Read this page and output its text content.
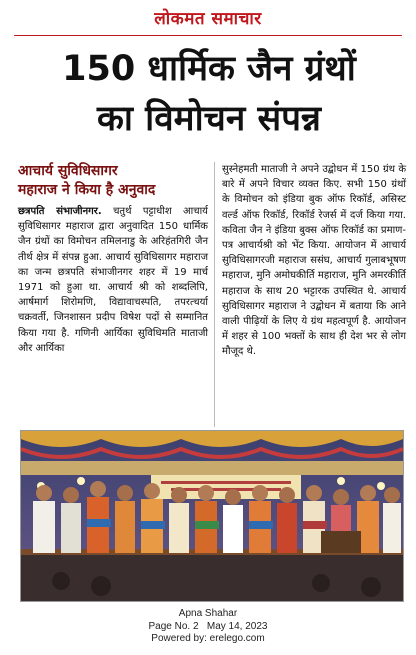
लोकमत समाचार
150 धार्मिक जैन ग्रंथों
का विमोचन संपन्न
आचार्य सुविधिसागर
महाराज ने किया है अनुवाद

छत्रपति संभाजीनगर. चतुर्थ पट्टाधीश आचार्य सुविधिसागर महाराज द्वारा अनुवादित 150 धार्मिक जैन ग्रंथों का विमोचन तमिलनाडु के अरिहंतगिरी जैन तीर्थ क्षेत्र में संपन्न हुआ. आचार्य सुविधिसागर महाराज का जन्म छत्रपति संभाजीनगर शहर में 19 मार्च 1971 को हुआ था. आचार्य श्री को शब्दलिपि, आर्षमार्ग शिरोमणि, विद्यावाचस्पति, तपरत्चर्या चक्रवर्ती, जिनशासन प्रदीप विषेश पदों से सम्मानित किया गया है. गणिनी आर्यिका सुविधिमति माताजी और आर्यिका

सुस्नेहमती माताजी ने अपने उद्बोधन में 150 ग्रंथ के बारे में अपने विचार व्यक्त किए. सभी 150 ग्रंथों के विमोचन को इंडिया बुक ऑफ रिकॉर्ड, असिस्ट वर्ल्ड ऑफ रिकॉर्ड, रिकॉर्ड रेजर्स में दर्ज किया गया. कविता जैन ने इंडिया बुक्स ऑफ रिकॉर्ड का प्रमाण-पत्र आचार्यश्री को भेंट किया. आयोजन में आचार्य सुविधिसागरजी महाराज ससंघ, आचार्य गुलाबभूषण महाराज, मुनि अमोघकीर्ति महाराज, मुनि अमरकीर्ति महाराज के साथ 20 भट्टारक उपस्थित थे. आचार्य सुविधिसागर महाराज ने उद्बोधन में बताया कि आने वाली पीढ़ियों के लिए ये ग्रंथ महत्वपूर्ण है. आयोजन में शहर से 100 भक्तों के साथ ही देश भर से लोग मौजूद थे.

Apna Shahar
Page No. 2   May 14, 2023
Powered by: erelego.com
